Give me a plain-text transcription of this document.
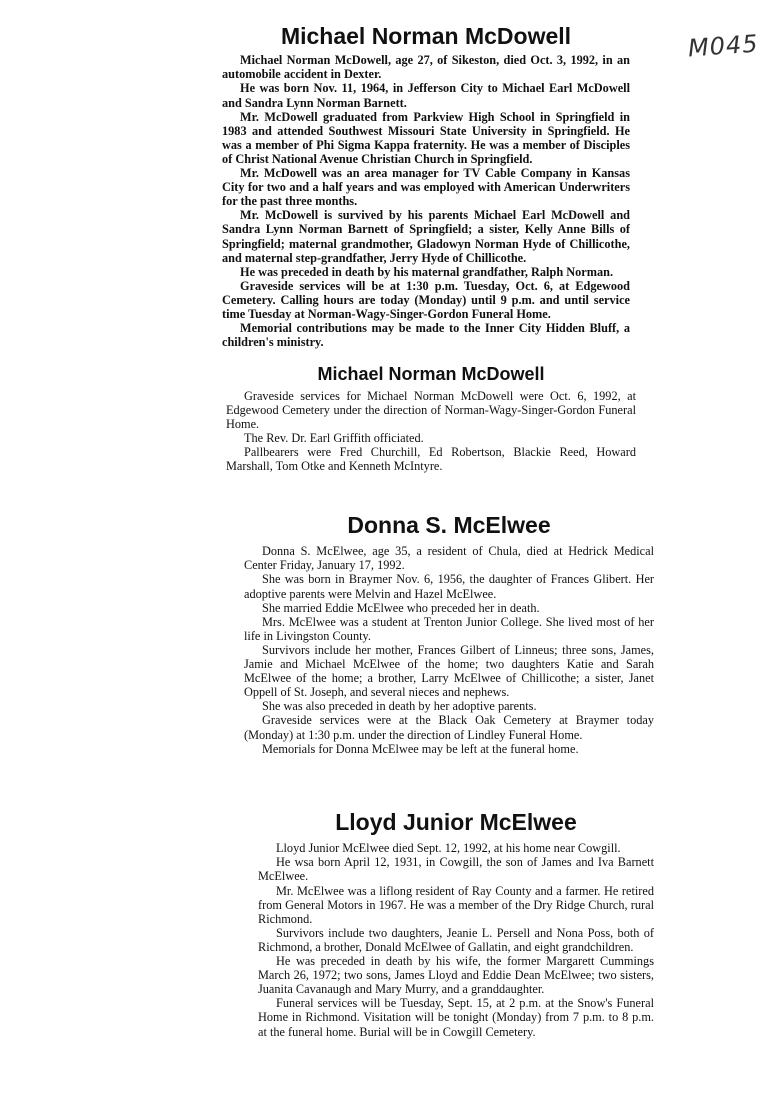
M045
Michael Norman McDowell

Michael Norman McDowell, age 27, of Sikeston, died Oct. 3, 1992, in an automobile accident in Dexter.

He was born Nov. 11, 1964, in Jefferson City to Michael Earl McDowell and Sandra Lynn Norman Barnett.

Mr. McDowell graduated from Parkview High School in Springfield in 1983 and attended Southwest Missouri State University in Springfield. He was a member of Phi Sigma Kappa fraternity. He was a member of Disciples of Christ National Avenue Christian Church in Springfield.

Mr. McDowell was an area manager for TV Cable Company in Kansas City for two and a half years and was employed with American Underwriters for the past three months.

Mr. McDowell is survived by his parents Michael Earl McDowell and Sandra Lynn Norman Barnett of Springfield; a sister, Kelly Anne Bills of Springfield; maternal grandmother, Gladowyn Norman Hyde of Chillicothe, and maternal step-grandfather, Jerry Hyde of Chillicothe.

He was preceded in death by his maternal grandfather, Ralph Norman.

Graveside services will be at 1:30 p.m. Tuesday, Oct. 6, at Edgewood Cemetery. Calling hours are today (Monday) until 9 p.m. and until service time Tuesday at Norman-Wagy-Singer-Gordon Funeral Home.

Memorial contributions may be made to the Inner City Hidden Bluff, a children's ministry.

Michael Norman McDowell

Graveside services for Michael Norman McDowell were Oct. 6, 1992, at Edgewood Cemetery under the direction of Norman-Wagy-Singer-Gordon Funeral Home.

The Rev. Dr. Earl Griffith officiated.

Pallbearers were Fred Churchill, Ed Robertson, Blackie Reed, Howard Marshall, Tom Otke and Kenneth McIntyre.

Donna S. McElwee

Donna S. McElwee, age 35, a resident of Chula, died at Hedrick Medical Center Friday, January 17, 1992.

She was born in Braymer Nov. 6, 1956, the daughter of Frances Glibert. Her adoptive parents were Melvin and Hazel McElwee.

She married Eddie McElwee who preceded her in death.

Mrs. McElwee was a student at Trenton Junior College. She lived most of her life in Livingston County.

Survivors include her mother, Frances Gilbert of Linneus; three sons, James, Jamie and Michael McElwee of the home; two daughters Katie and Sarah McElwee of the home; a brother, Larry McElwee of Chillicothe; a sister, Janet Oppell of St. Joseph, and several nieces and nephews.

She was also preceded in death by her adoptive parents.

Graveside services were at the Black Oak Cemetery at Braymer today (Monday) at 1:30 p.m. under the direction of Lindley Funeral Home.

Memorials for Donna McElwee may be left at the funeral home.

Lloyd Junior McElwee

Lloyd Junior McElwee died Sept. 12, 1992, at his home near Cowgill.

He wsa born April 12, 1931, in Cowgill, the son of James and Iva Barnett McElwee.

Mr. McElwee was a liflong resident of Ray County and a farmer. He retired from General Motors in 1967. He was a member of the Dry Ridge Church, rural Richmond.

Survivors include two daughters, Jeanie L. Persell and Nona Poss, both of Richmond, a brother, Donald McElwee of Gallatin, and eight grandchildren.

He was preceded in death by his wife, the former Margarett Cummings March 26, 1972; two sons, James Lloyd and Eddie Dean McElwee; two sisters, Juanita Cavanaugh and Mary Murry, and a granddaughter.

Funeral services will be Tuesday, Sept. 15, at 2 p.m. at the Snow's Funeral Home in Richmond. Visitation will be tonight (Monday) from 7 p.m. to 8 p.m. at the funeral home. Burial will be in Cowgill Cemetery.
